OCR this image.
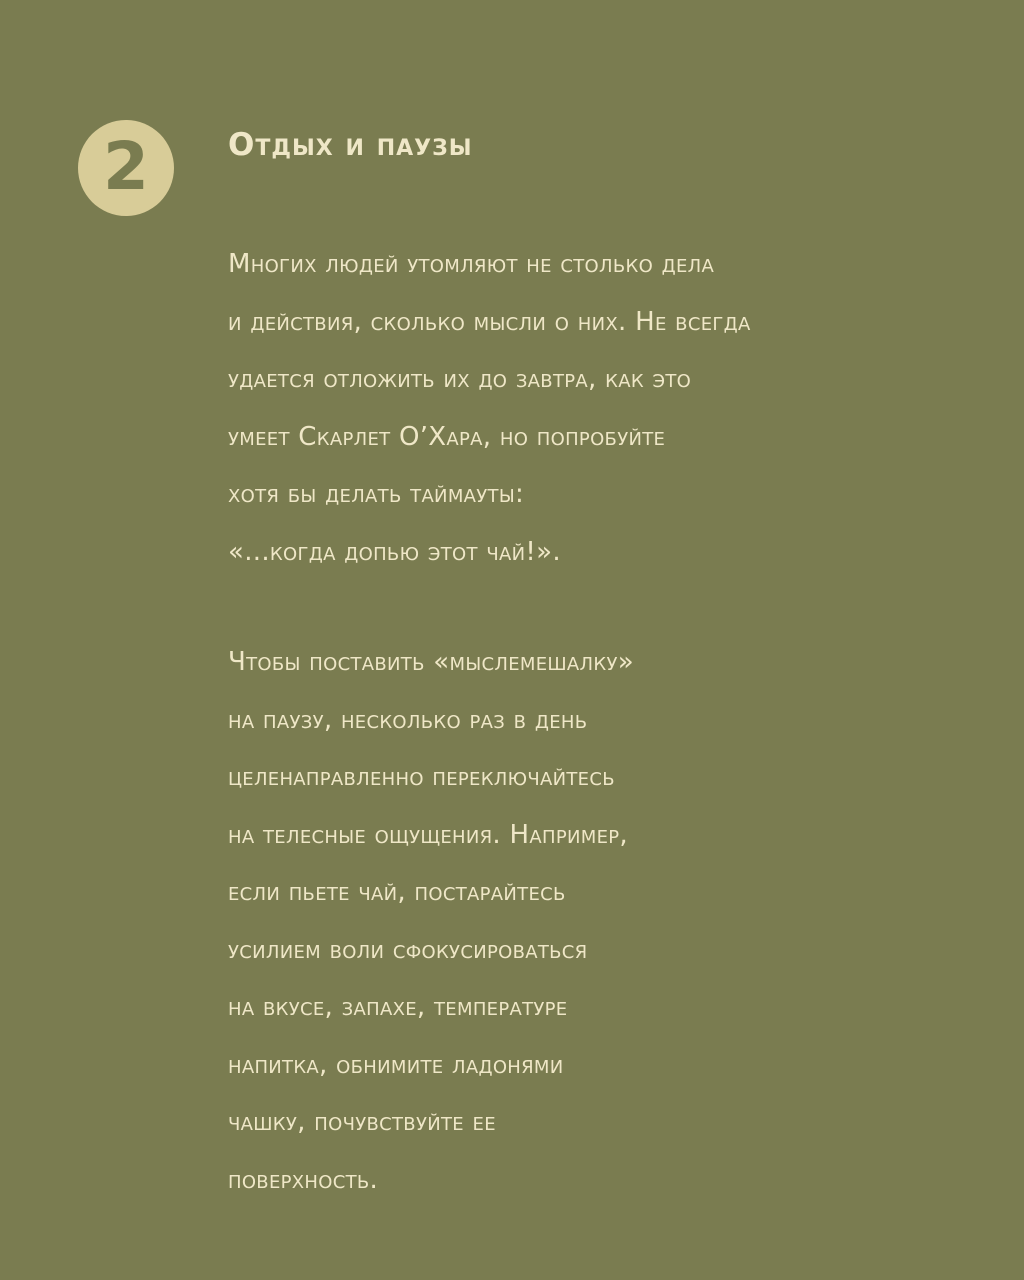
2	Отдых и паузы
Многих людей утомляют не столько дела
и действия, сколько мысли о них. Не всегда
удается отложить их до завтра, как это
умеет Скарлет О’Хара, но попробуйте
хотя бы делать таймауты:
«...когда допью этот чай!».
Чтобы поставить «мыслемешалку»
на паузу, несколько раз в день
целенаправленно переключайтесь
на телесные ощущения. Например,
если пьете чай, постарайтесь
усилием воли сфокусироваться
на вкусе, запахе, температуре
напитка, обнимите ладонями
чашку, почувствуйте ее
поверхность.
